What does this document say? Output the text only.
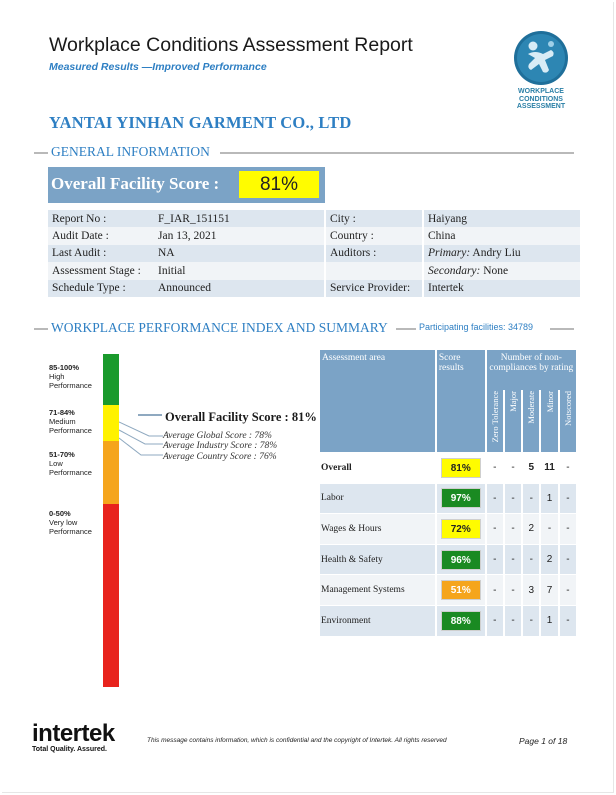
Workplace Conditions Assessment Report
Measured Results —Improved Performance
WORKPLACE
CONDITIONS
ASSESSMENT
YANTAI YINHAN GARMENT CO., LTD
GENERAL INFORMATION
Overall Facility Score :	81%
Report No :	F_IAR_151151		City :		Haiyang
Audit Date :	Jan 13, 2021		Country :		China
Last Audit :	NA		Auditors :		Primary: Andry Liu
Assessment Stage :	Initial				Secondary: None
Schedule Type :	Announced		Service Provider:		Intertek
WORKPLACE PERFORMANCE INDEX AND SUMMARY	Participating facilities: 34789
85-100%
High
Performance
71-84%
Medium
Performance
51-70%
Low
Performance
0-50%
Very low
Performance
Overall Facility Score : 81%
Average Global Score : 78%
Average Industry Score : 78%
Average Country Score : 76%
Assessment area	Score results	Number of non-compliances by rating				
		Zero Tolerance	Major	Moderate	Minor	Notscored
Overall	81%	-	-	5	11	-
Labor	97%	-	-	-	1	-
Wages & Hours	72%	-	-	2	-	-
Health & Safety	96%	-	-	-	2	-
Management Systems	51%	-	-	3	7	-
Environment	88%	-	-	-	1	-
intertek
Total Quality. Assured.
This message contains information, which is confidential and the copyright of Intertek. All rights reserved	Page 1 of 18
